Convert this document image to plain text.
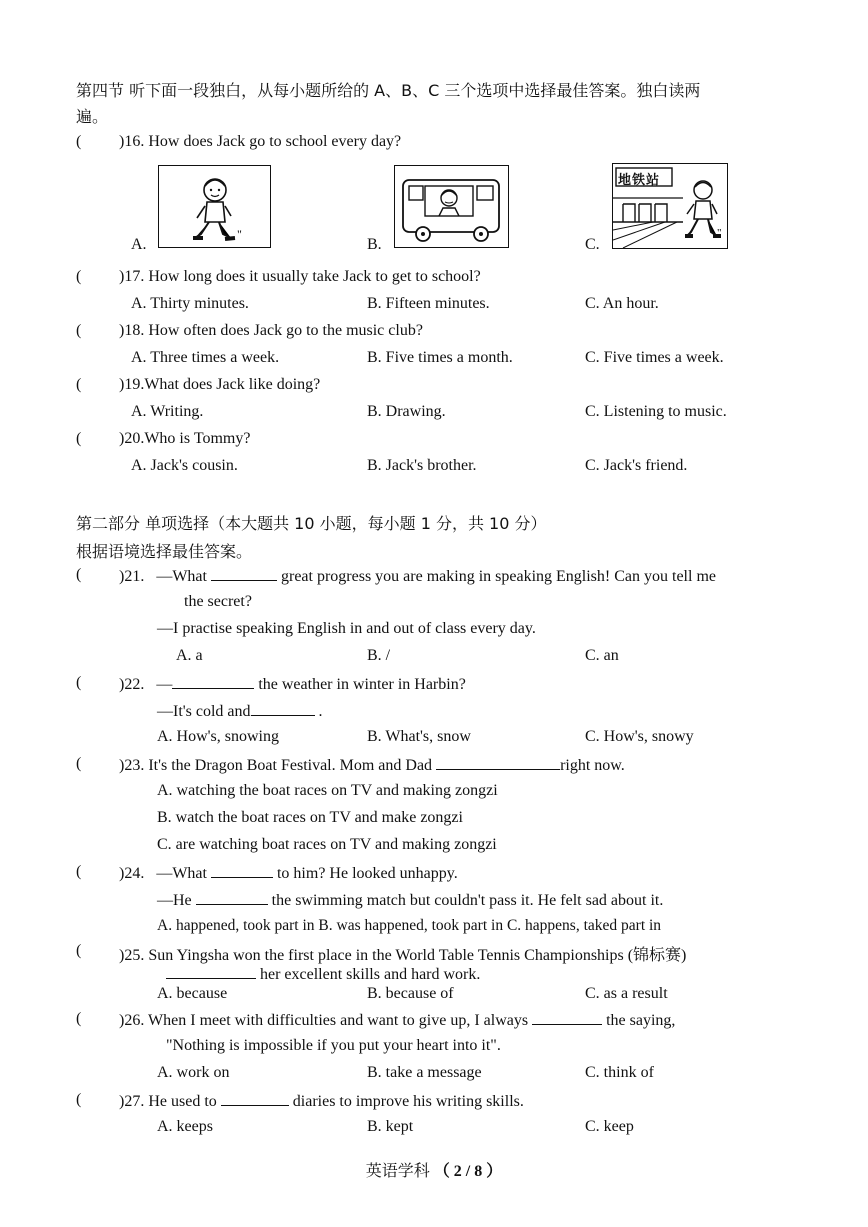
第四节 听下面一段独白，从每小题所给的 A、B、C 三个选项中选择最佳答案。独白读两
遍。
( )16. How does Jack go to school every day?
A.
"
B.	C.
"
地铁站
( )17. How long does it usually take Jack to get to school?
A. Thirty minutes.	B. Fifteen minutes.	C. An hour.
( )18. How often does Jack go to the music club?
A. Three times a week.	B. Five times a month.	C. Five times a week.
( )19.What does Jack like doing?
A. Writing.	B. Drawing.	C. Listening to music.
( )20.Who is Tommy?
A. Jack's cousin.	B. Jack's brother.	C. Jack's friend.
第二部分 单项选择（本大题共 10 小题，每小题 1 分，共 10 分）
根据语境选择最佳答案。
( )21. —What	great progress you are making in speaking English! Can you tell me
the secret?
—I practise speaking English in and out of class every day.
A. a	B. /	C. an
( )22. —	the weather in winter in Harbin?
—It's cold and	.
A. How's, snowing	B. What's, snow	C. How's, snowy
( )23. It's the Dragon Boat Festival. Mom and Dad	right now.
A. watching the boat races on TV and making zongzi
B. watch the boat races on TV and make zongzi
C. are watching boat races on TV and making zongzi
( )24. —What	to him? He looked unhappy.
—He	the swimming match but couldn't pass it. He felt sad about it.
A. happened, took part in B. was happened, took part in C. happens, taked part in
( )25. Sun Yingsha won the first place in the World Table Tennis Championships (锦标赛)
her excellent skills and hard work.
A. because	B. because of	C. as a result
( )26. When I meet with difficulties and want to give up, I always	the saying,
"Nothing is impossible if you put your heart into it".
A. work on	B. take a message	C. think of
( )27. He used to	diaries to improve his writing skills.
A. keeps	B. kept	C. keep
英语学科 （ 2 / 8 ）
